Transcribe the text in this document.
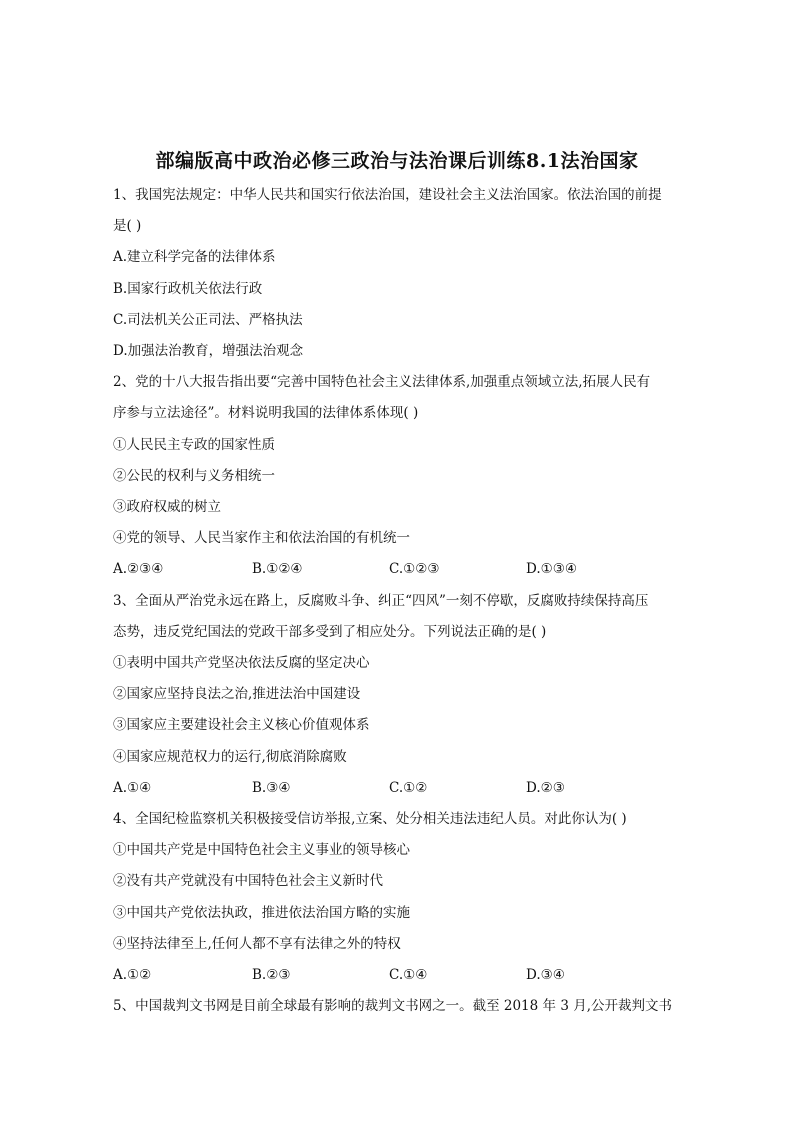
部编版高中政治必修三政治与法治课后训练8.1法治国家
1、我国宪法规定：中华人民共和国实行依法治国，建设社会主义法治国家。依法治国的前提
是( )
A.建立科学完备的法律体系
B.国家行政机关依法行政
C.司法机关公正司法、严格执法
D.加强法治教育，增强法治观念
2、党的十八大报告指出要“完善中国特色社会主义法律体系,加强重点领域立法,拓展人民有
序参与立法途径”。材料说明我国的法律体系体现( )
①人民民主专政的国家性质
②公民的权利与义务相统一
③政府权威的树立
④党的领导、人民当家作主和依法治国的有机统一
A.②③④	B.①②④	C.①②③	D.①③④
3、全面从严治党永远在路上，反腐败斗争、纠正“四风”一刻不停歇，反腐败持续保持高压
态势，违反党纪国法的党政干部多受到了相应处分。下列说法正确的是( )
①表明中国共产党坚决依法反腐的坚定决心
②国家应坚持良法之治,推进法治中国建设
③国家应主要建设社会主义核心价值观体系
④国家应规范权力的运行,彻底消除腐败
A.①④	B.③④	C.①②	D.②③
4、全国纪检监察机关积极接受信访举报,立案、处分相关违法违纪人员。对此你认为( )
①中国共产党是中国特色社会主义事业的领导核心
②没有共产党就没有中国特色社会主义新时代
③中国共产党依法执政，推进依法治国方略的实施
④坚持法律至上,任何人都不享有法律之外的特权
A.①②	B.②③	C.①④	D.③④
5、中国裁判文书网是目前全球最有影响的裁判文书网之一。截至 2018 年 3 月,公开裁判文书
